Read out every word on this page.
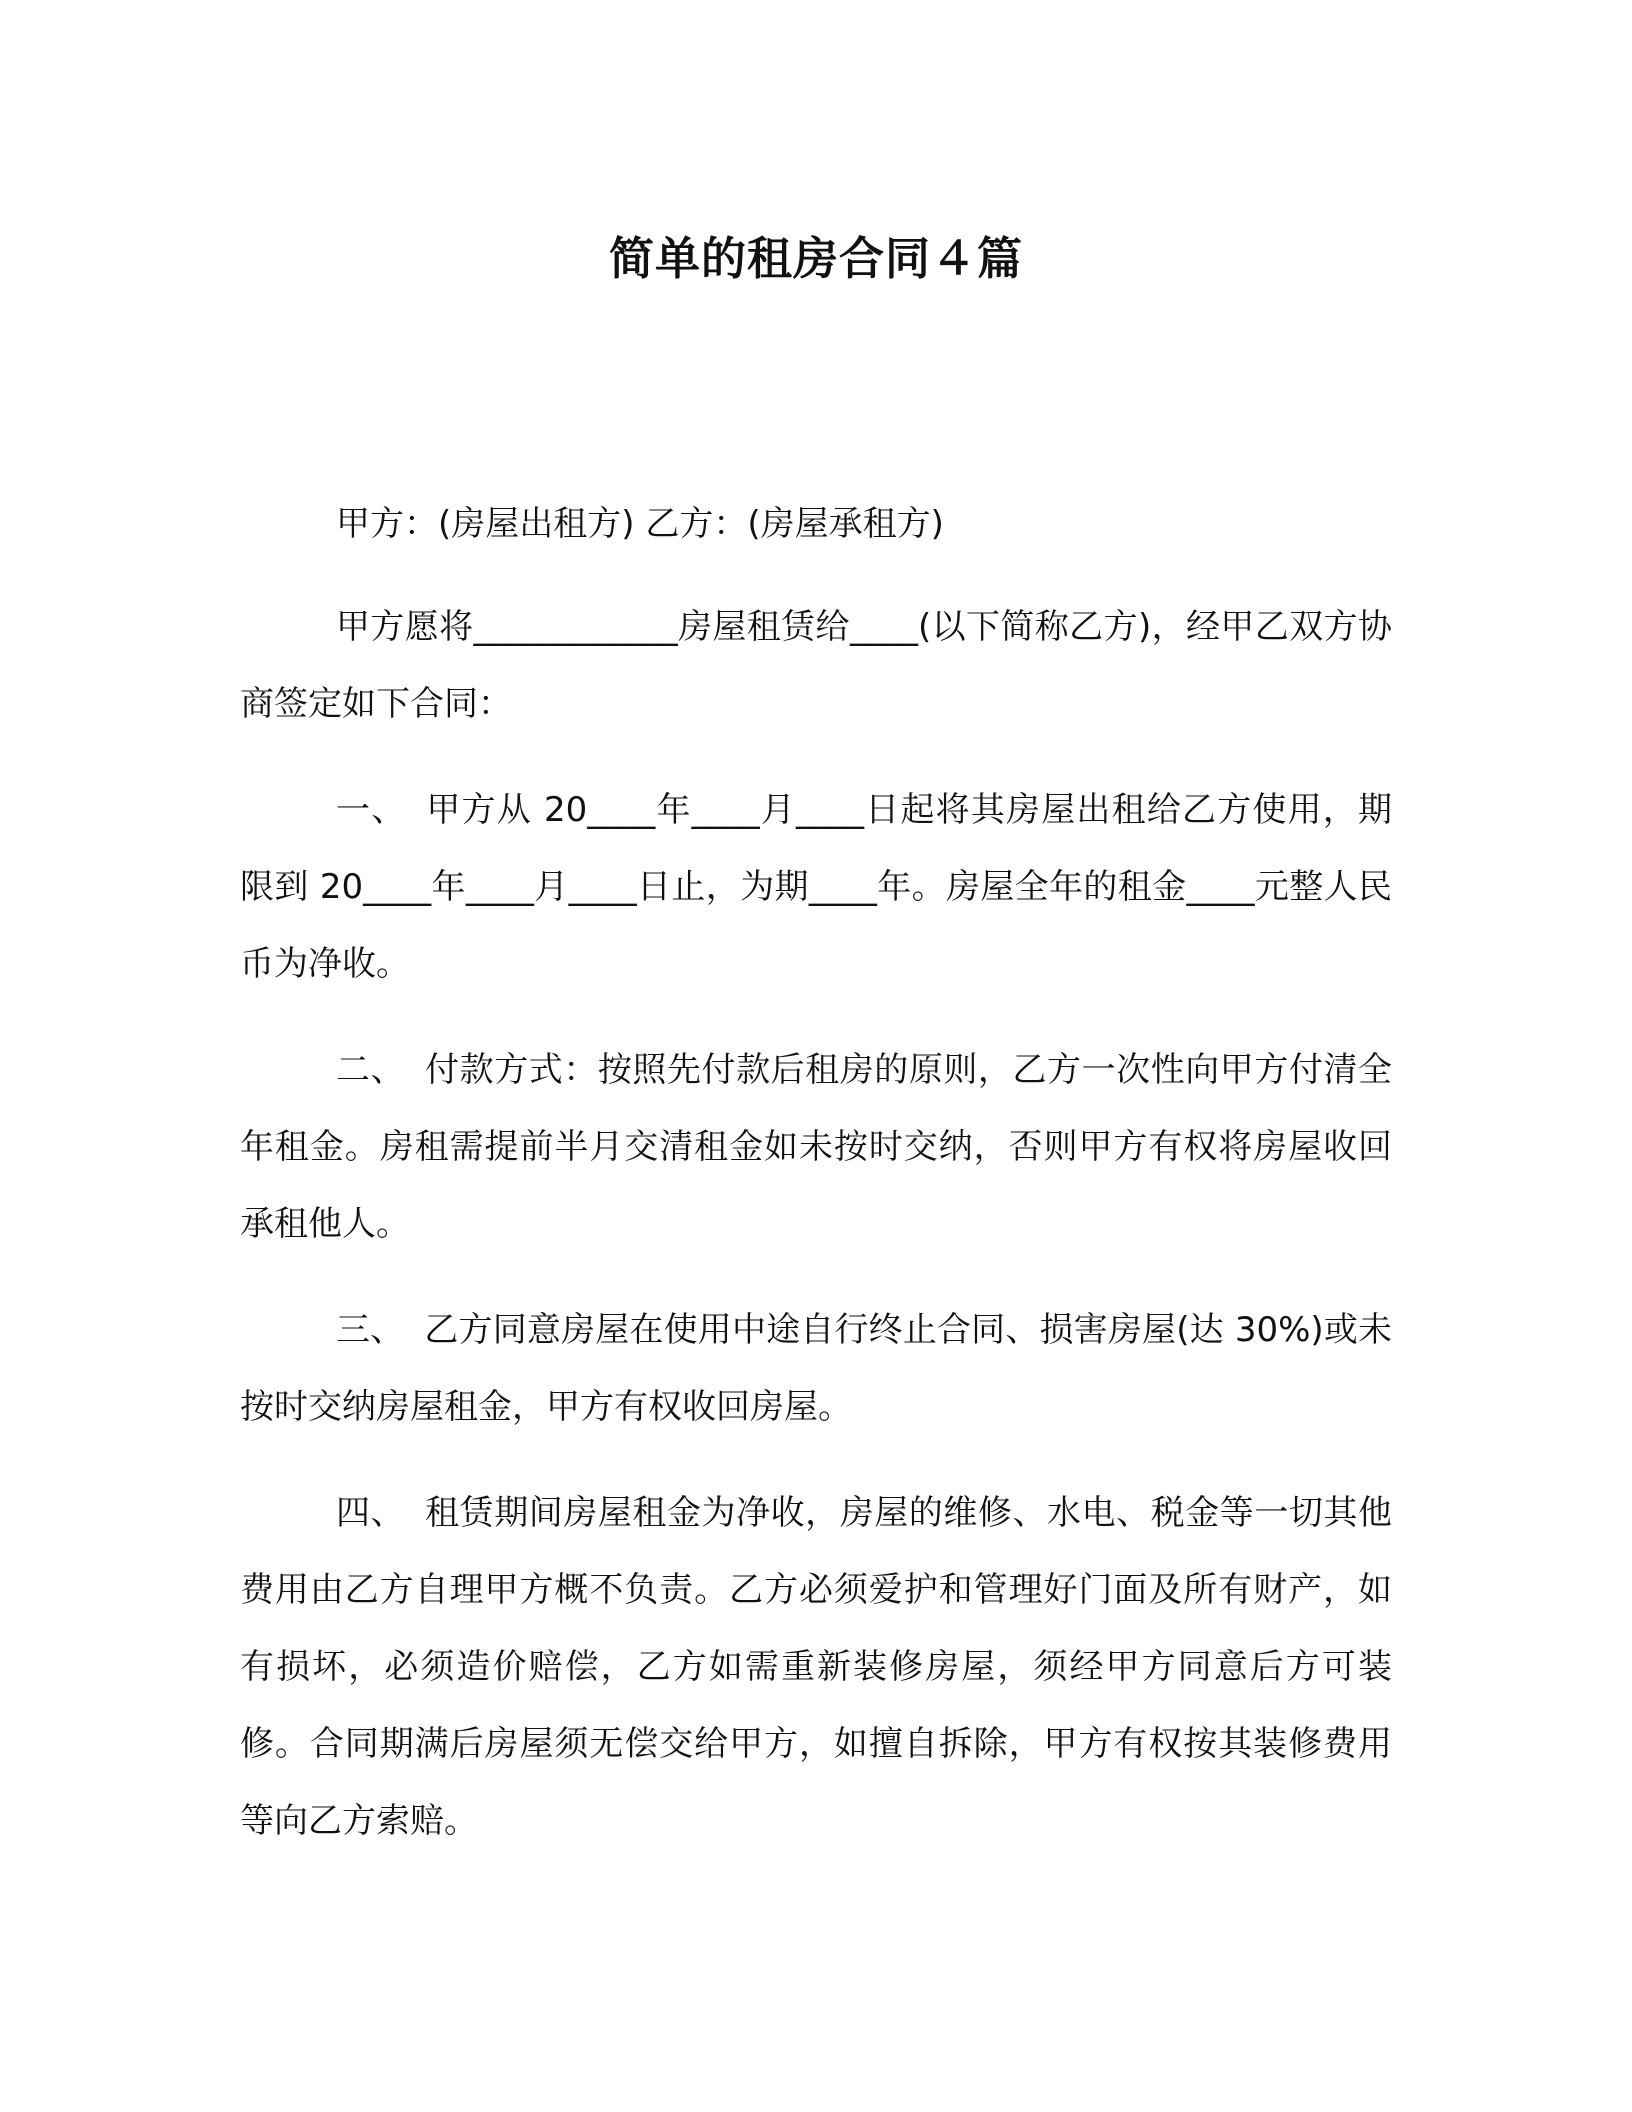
简单的租房合同４篇

甲方：(房屋出租方) 乙方：(房屋承租方)

甲方愿将____________房屋租赁给____(以下简称乙方)，经甲乙双方协商签定如下合同：

一、 甲方从 20____年____月____日起将其房屋出租给乙方使用，期限到 20____年____月____日止，为期____年。房屋全年的租金____元整人民币为净收。

二、 付款方式：按照先付款后租房的原则，乙方一次性向甲方付清全年租金。房租需提前半月交清租金如未按时交纳，否则甲方有权将房屋收回承租他人。

三、 乙方同意房屋在使用中途自行终止合同、损害房屋(达 30%)或未按时交纳房屋租金，甲方有权收回房屋。

四、 租赁期间房屋租金为净收，房屋的维修、水电、税金等一切其他费用由乙方自理甲方概不负责。乙方必须爱护和管理好门面及所有财产，如有损坏，必须造价赔偿，乙方如需重新装修房屋，须经甲方同意后方可装修。合同期满后房屋须无偿交给甲方，如擅自拆除，甲方有权按其装修费用等向乙方索赔。
